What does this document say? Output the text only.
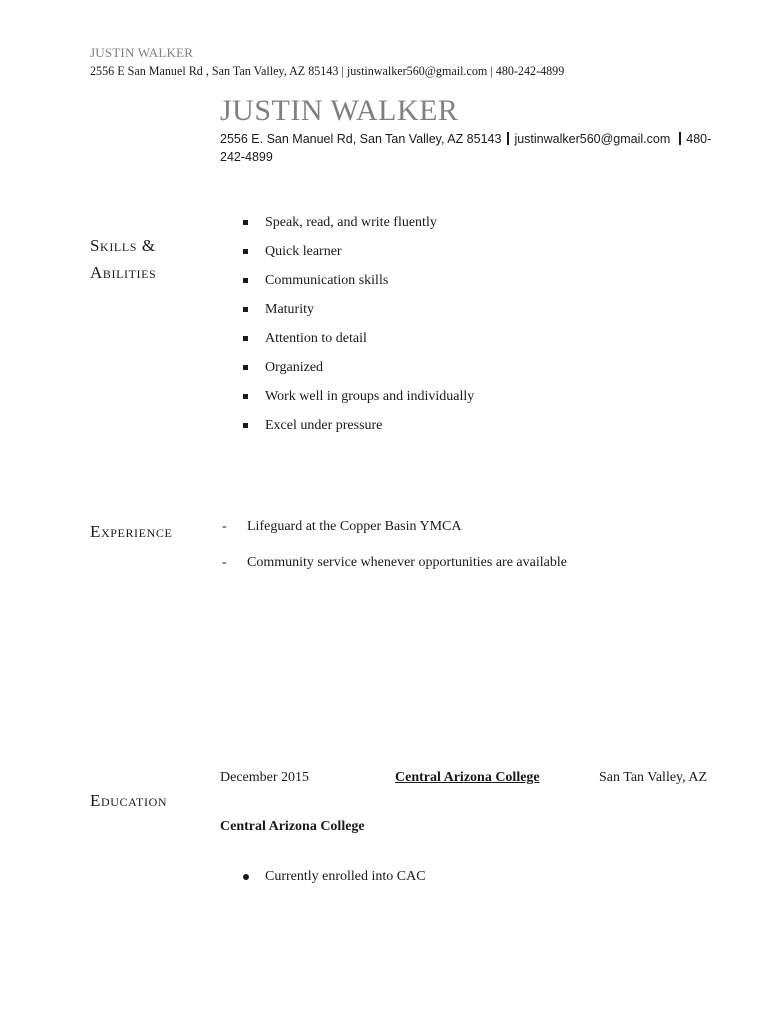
JUSTIN WALKER
2556 E San Manuel Rd , San Tan Valley, AZ 85143 | justinwalker560@gmail.com | 480-242-4899
JUSTIN WALKER
2556 E. San Manuel Rd, San Tan Valley, AZ 85143 justinwalker560@gmail.com 480-242-4899
Skills &
Abilities
Speak, read, and write fluently
Quick learner
Communication skills
Maturity
Attention to detail
Organized
Work well in groups and individually
Excel under pressure
Experience	- Lifeguard at the Copper Basin YMCA
- Community service whenever opportunities are available
Education
December 2015	Central Arizona College	San Tan Valley, AZ
Central Arizona College
Currently enrolled into CAC
